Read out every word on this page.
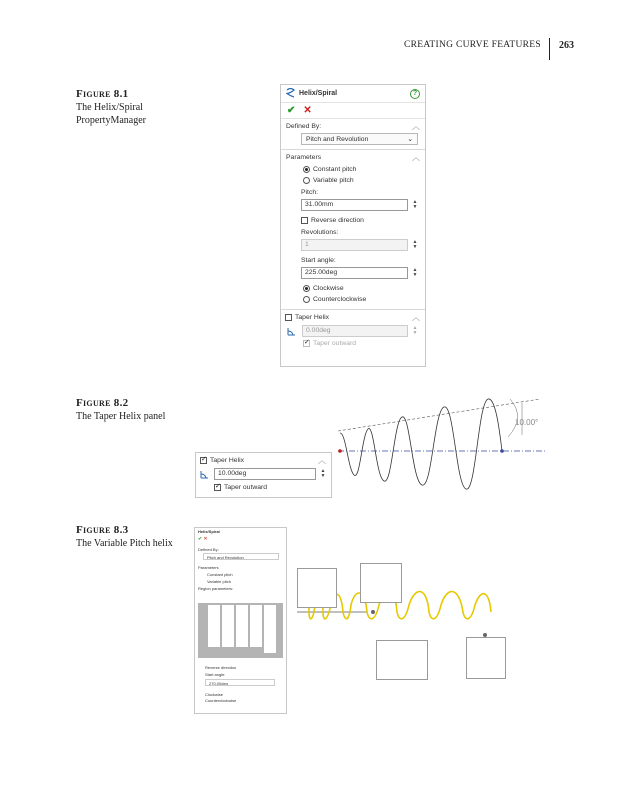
CREATING CURVE FEATURES	263
Figure 8.1
The Helix/Spiral
PropertyManager
Figure 8.2
The Taper Helix panel
Figure 8.3
The Variable Pitch helix
Helix/Spiral	?
✔ ✕
Defined By:	︿
Pitch and Revolution	⌄
Parameters	︿
Constant pitch
Variable pitch
Pitch:
31.00mm	▲
▼
Reverse direction
Revolutions:
1	▲
▼
Start angle:
225.00deg	▲
▼
Clockwise
Counterclockwise
Taper Helix	︿
0.00deg	▲
▼
✓
Taper outward
✓
Taper Helix	︿
10.00deg	▲
▼
✓
Taper outward
10.00°
Helix/Spiral
✔ ✕
Defined By:
Pitch and Revolution
Parameters
Constant pitch
Variable pitch
Region parameters:
Reverse direction
Start angle:
270.00deg
Clockwise
Counterclockwise
